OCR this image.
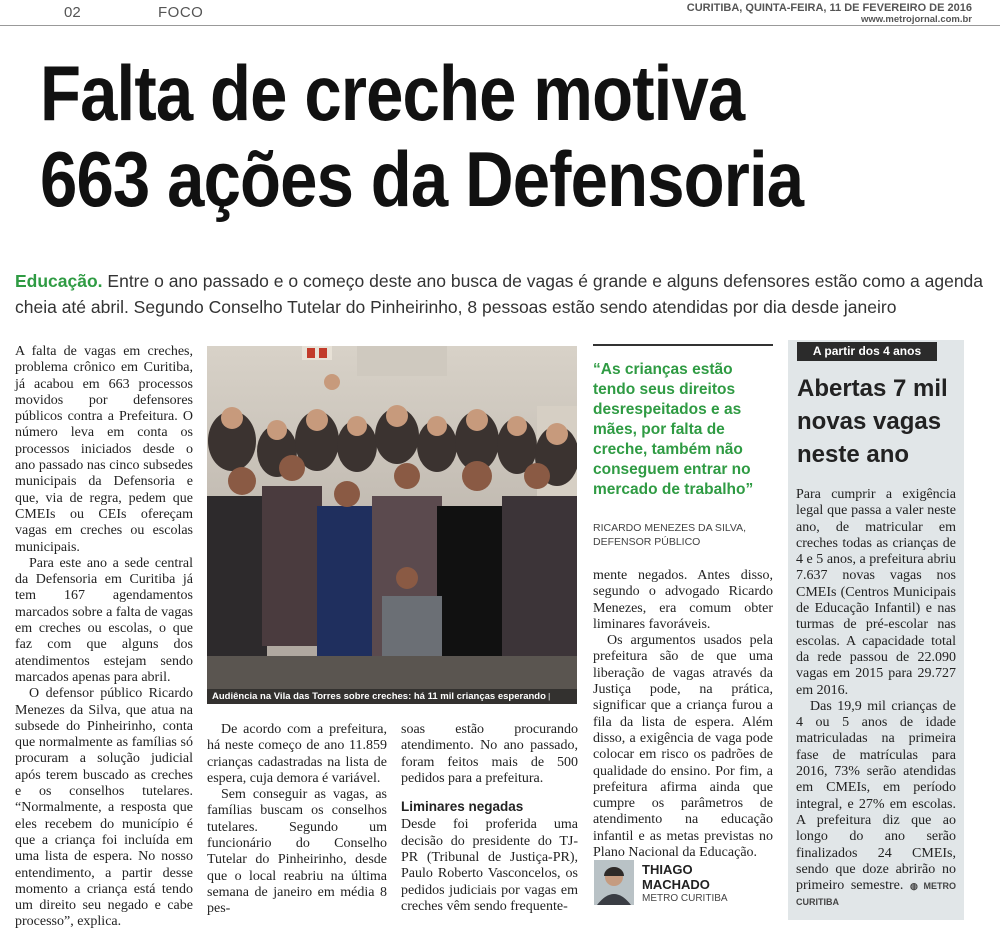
02	FOCO	CURITIBA, QUINTA-FEIRA, 11 DE FEVEREIRO DE 2016
www.metrojornal.com.br
Falta de creche motiva
663 ações da Defensoria

Educação. Entre o ano passado e o começo deste ano busca de vagas é grande e alguns defensores estão como a agenda cheia até abril. Segundo Conselho Tutelar do Pinheirinho, 8 pessoas estão sendo atendidas por dia desde janeiro

A falta de vagas em creches, problema crônico em Curitiba, já acabou em 663 processos movidos por defensores públicos contra a Prefeitura. O número leva em conta os processos iniciados desde o ano passado nas cinco subsedes municipais da Defensoria e que, via de regra, pedem que CMEIs ou CEIs ofereçam vagas em creches ou escolas municipais.

Para este ano a sede central da Defensoria em Curitiba já tem 167 agendamentos marcados sobre a falta de vagas em creches ou escolas, o que faz com que alguns dos atendimentos estejam sendo marcados apenas para abril.

O defensor público Ricardo Menezes da Silva, que atua na subsede do Pinheirinho, conta que normalmente as famílias só procuram a solução judicial após terem buscado as creches e os conselhos tutelares. “Normalmente, a resposta que eles recebem do município é que a criança foi incluída em uma lista de espera. No nosso entendimento, a partir desse momento a criança está tendo um direito seu negado e cabe processo”, explica.

Audiência na Vila das Torres sobre creches: há 11 mil crianças esperando | ASCOM/DPPR

De acordo com a prefeitura, há neste começo de ano 11.859 crianças cadastradas na lista de espera, cuja demora é variável.

Sem conseguir as vagas, as famílias buscam os conselhos tutelares. Segundo um funcionário do Conselho Tutelar do Pinheirinho, desde que o local reabriu na última semana de janeiro em média 8 pes-

soas estão procurando atendimento. No ano passado, foram feitos mais de 500 pedidos para a prefeitura.

Liminares negadas

Desde foi proferida uma decisão do presidente do TJ-PR (Tribunal de Justiça-PR), Paulo Roberto Vasconcelos, os pedidos judiciais por vagas em creches vêm sendo frequente-

“As crianças estão tendo seus direitos desrespeitados e as mães, por falta de creche, também não conseguem entrar no mercado de trabalho”

RICARDO MENEZES DA SILVA, DEFENSOR PÚBLICO

mente negados. Antes disso, segundo o advogado Ricardo Menezes, era comum obter liminares favoráveis.

Os argumentos usados pela prefeitura são de que uma liberação de vagas através da Justiça pode, na prática, significar que a criança furou a fila da lista de espera. Além disso, a exigência de vaga pode colocar em risco os padrões de qualidade do ensino. Por fim, a prefeitura afirma ainda que cumpre os parâmetros de atendimento na educação infantil e as metas previstas no Plano Nacional da Educação.

THIAGO
MACHADO
METRO CURITIBA
A partir dos 4 anos
Abertas 7 mil novas vagas neste ano

Para cumprir a exigência legal que passa a valer neste ano, de matricular em creches todas as crianças de 4 e 5 anos, a prefeitura abriu 7.637 novas vagas nos CMEIs (Centros Municipais de Educação Infantil) e nas turmas de pré-escolar nas escolas. A capacidade total da rede passou de 22.090 vagas em 2015 para 29.727 em 2016.

Das 19,9 mil crianças de 4 ou 5 anos de idade matriculadas na primeira fase de matrículas para 2016, 73% serão atendidas em CMEIs, em período integral, e 27% em escolas. A prefeitura diz que ao longo do ano serão finalizados 24 CMEIs, sendo que doze abrirão no primeiro semestre. ◍ METRO CURITIBA
